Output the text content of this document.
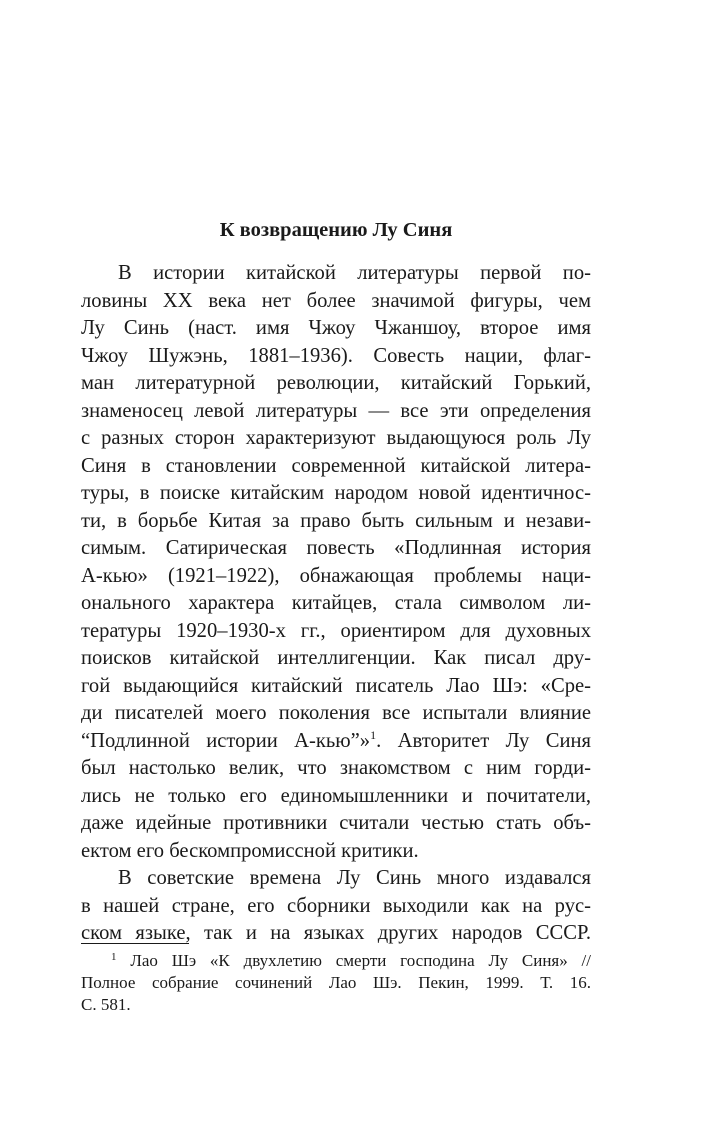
К возвращению Лу Синя
В истории китайской литературы первой по-
ловины XX века нет более значимой фигуры, чем
Лу Синь (наст. имя Чжоу Чжаншоу, второе имя
Чжоу Шужэнь, 1881–1936). Совесть нации, флаг-
ман литературной революции, китайский Горький,
знаменосец левой литературы — все эти определения
с разных сторон характеризуют выдающуюся роль Лу
Синя в становлении современной китайской литера-
туры, в поиске китайским народом новой идентичнос-
ти, в борьбе Китая за право быть сильным и незави-
симым. Сатирическая повесть «Подлинная история
А-кью» (1921–1922), обнажающая проблемы наци-
онального характера китайцев, стала символом ли-
тературы 1920–1930-х гг., ориентиром для духовных
поисков китайской интеллигенции. Как писал дру-
гой выдающийся китайский писатель Лао Шэ: «Сре-
ди писателей моего поколения все испытали влияние
“Подлинной истории А-кью”»$^1$. Авторитет Лу Синя
был настолько велик, что знакомством с ним горди-
лись не только его единомышленники и почитатели,
даже идейные противники считали честью стать объ-
ектом его бескомпромиссной критики.
В советские времена Лу Синь много издавался
в нашей стране, его сборники выходили как на рус-
ском языке, так и на языках других народов СССР.
$^1$ Лао Шэ «К двухлетию смерти господина Лу Синя» //
Полное собрание сочинений Лао Шэ. Пекин, 1999. Т. 16.
С. 581.
